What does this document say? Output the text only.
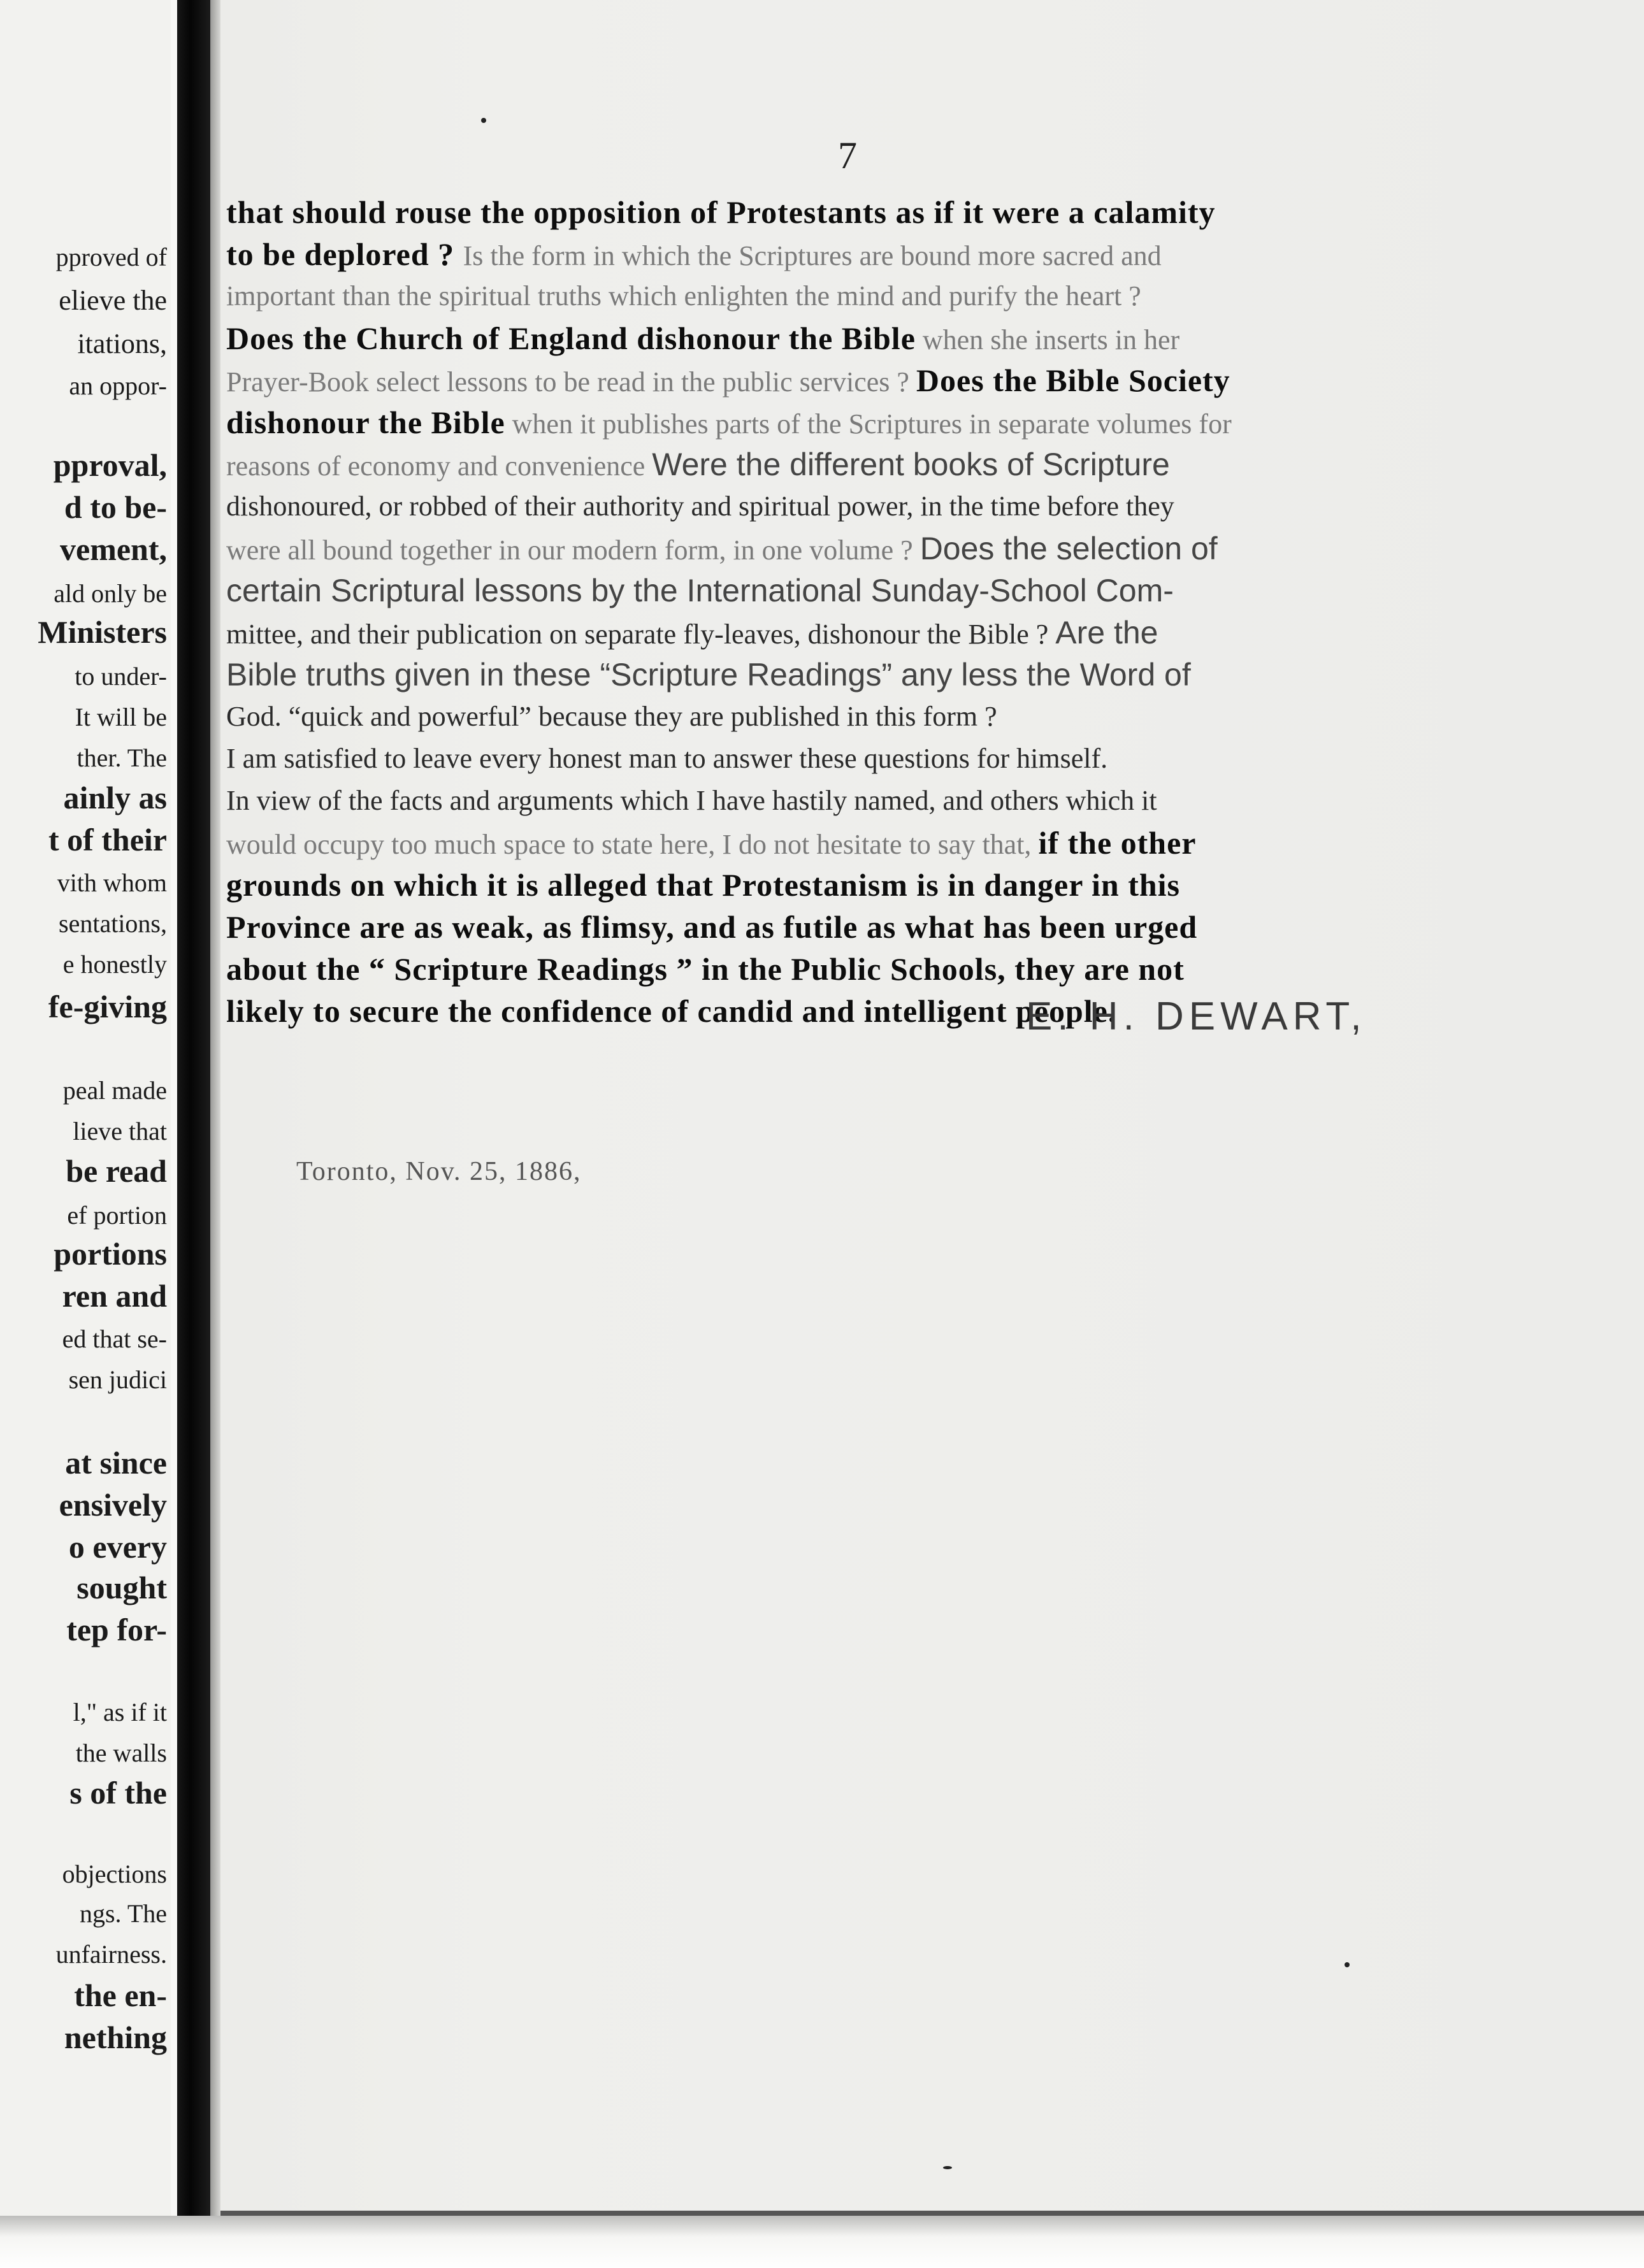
pproved of
elieve the
itations,
an oppor-
pproval,
d to be-
vement,
ald only be
Ministers
to under-
It will be
ther. The
ainly as
t of their
vith whom
sentations,
e honestly
fe-giving
peal made
lieve that
be read
ef portion
portions
ren and
ed that se-
sen judici
at since
ensively
o every
sought
tep for-
l," as if it
the walls
s of the
objections
ngs. The
unfairness.
the en-
nething
7
that should rouse the opposition of Protestants as if it were a calamity
to be deplored ? Is the form in which the Scriptures are bound more sacred and
important than the spiritual truths which enlighten the mind and purify the heart ?
Does the Church of England dishonour the Bible when she inserts in her
Prayer-Book select lessons to be read in the public services ? Does the Bible Society
dishonour the Bible when it publishes parts of the Scriptures in separate volumes for
reasons of economy and convenience Were the different books of Scripture
dishonoured, or robbed of their authority and spiritual power, in the time before they
were all bound together in our modern form, in one volume ? Does the selection of
certain Scriptural lessons by the International Sunday-School Com-
mittee, and their publication on separate fly-leaves, dishonour the Bible ? Are the
Bible truths given in these “Scripture Readings” any less the Word of
God. “quick and powerful” because they are published in this form ?
I am satisfied to leave every honest man to answer these questions for himself.
In view of the facts and arguments which I have hastily named, and others which it
would occupy too much space to state here, I do not hesitate to say that, if the other
grounds on which it is alleged that Protestanism is in danger in this
Province are as weak, as flimsy, and as futile as what has been urged
about the “ Scripture Readings ” in the Public Schools, they are not
likely to secure the confidence of candid and intelligent people.
E. H. DEWART,
Toronto, Nov. 25, 1886,
